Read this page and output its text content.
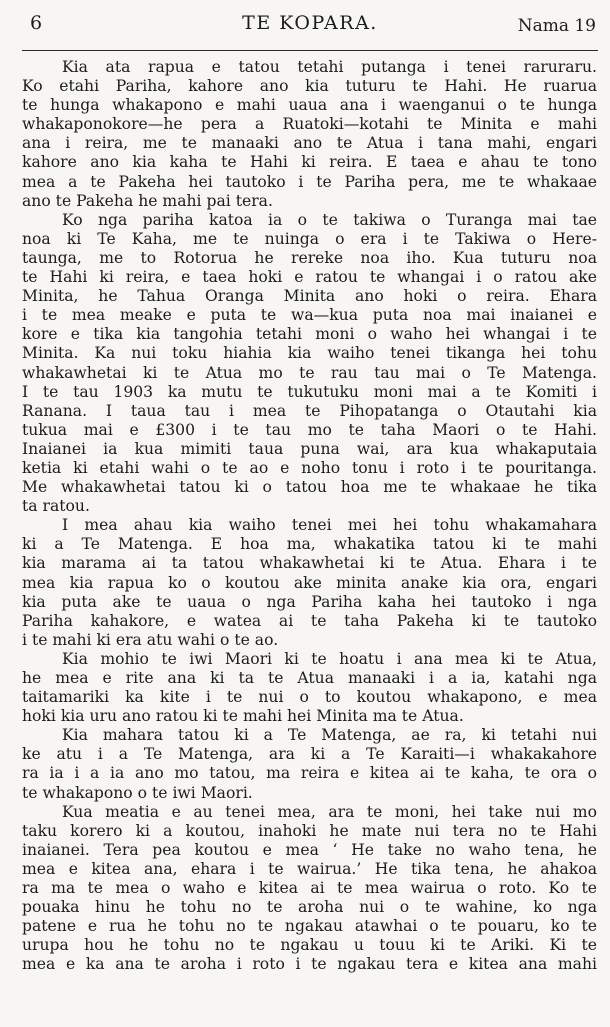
6	TE KOPARA.	Nama 19
Kia ata rapua e tatou tetahi putanga i tenei raruraru.
Ko etahi Pariha, kahore ano kia tuturu te Hahi. He ruarua
te hunga whakapono e mahi uaua ana i waenganui o te hunga
whakaponokore—he pera a Ruatoki—kotahi te Minita e mahi
ana i reira, me te manaaki ano te Atua i tana mahi, engari
kahore ano kia kaha te Hahi ki reira. E taea e ahau te tono
mea a te Pakeha hei tautoko i te Pariha pera, me te whakaae
ano te Pakeha he mahi pai tera.
Ko nga pariha katoa ia o te takiwa o Turanga mai tae
noa ki Te Kaha, me te nuinga o era i te Takiwa o Here-
taunga, me to Rotorua he rereke noa iho. Kua tuturu noa
te Hahi ki reira, e taea hoki e ratou te whangai i o ratou ake
Minita, he Tahua Oranga Minita ano hoki o reira. Ehara
i te mea meake e puta te wa—kua puta noa mai inaianei e
kore e tika kia tangohia tetahi moni o waho hei whangai i te
Minita. Ka nui toku hiahia kia waiho tenei tikanga hei tohu
whakawhetai ki te Atua mo te rau tau mai o Te Matenga.
I te tau 1903 ka mutu te tukutuku moni mai a te Komiti i
Ranana. I taua tau i mea te Pihopatanga o Otautahi kia
tukua mai e £300 i te tau mo te taha Maori o te Hahi.
Inaianei ia kua mimiti taua puna wai, ara kua whakaputaia
ketia ki etahi wahi o te ao e noho tonu i roto i te pouritanga.
Me whakawhetai tatou ki o tatou hoa me te whakaae he tika
ta ratou.
I mea ahau kia waiho tenei mei hei tohu whakamahara
ki a Te Matenga. E hoa ma, whakatika tatou ki te mahi
kia marama ai ta tatou whakawhetai ki te Atua. Ehara i te
mea kia rapua ko o koutou ake minita anake kia ora, engari
kia puta ake te uaua o nga Pariha kaha hei tautoko i nga
Pariha kahakore, e watea ai te taha Pakeha ki te tautoko
i te mahi ki era atu wahi o te ao.
Kia mohio te iwi Maori ki te hoatu i ana mea ki te Atua,
he mea e rite ana ki ta te Atua manaaki i a ia, katahi nga
taitamariki ka kite i te nui o to koutou whakapono, e mea
hoki kia uru ano ratou ki te mahi hei Minita ma te Atua.
Kia mahara tatou ki a Te Matenga, ae ra, ki tetahi nui
ke atu i a Te Matenga, ara ki a Te Karaiti—i whakakahore
ra ia i a ia ano mo tatou, ma reira e kitea ai te kaha, te ora o
te whakapono o te iwi Maori.
Kua meatia e au tenei mea, ara te moni, hei take nui mo
taku korero ki a koutou, inahoki he mate nui tera no te Hahi
inaianei. Tera pea koutou e mea ‘ He take no waho tena, he
mea e kitea ana, ehara i te wairua.’ He tika tena, he ahakoa
ra ma te mea o waho e kitea ai te mea wairua o roto. Ko te
pouaka hinu he tohu no te aroha nui o te wahine, ko nga
patene e rua he tohu no te ngakau atawhai o te pouaru, ko te
urupa hou he tohu no te ngakau u touu ki te Ariki. Ki te
mea e ka ana te aroha i roto i te ngakau tera e kitea ana mahi
